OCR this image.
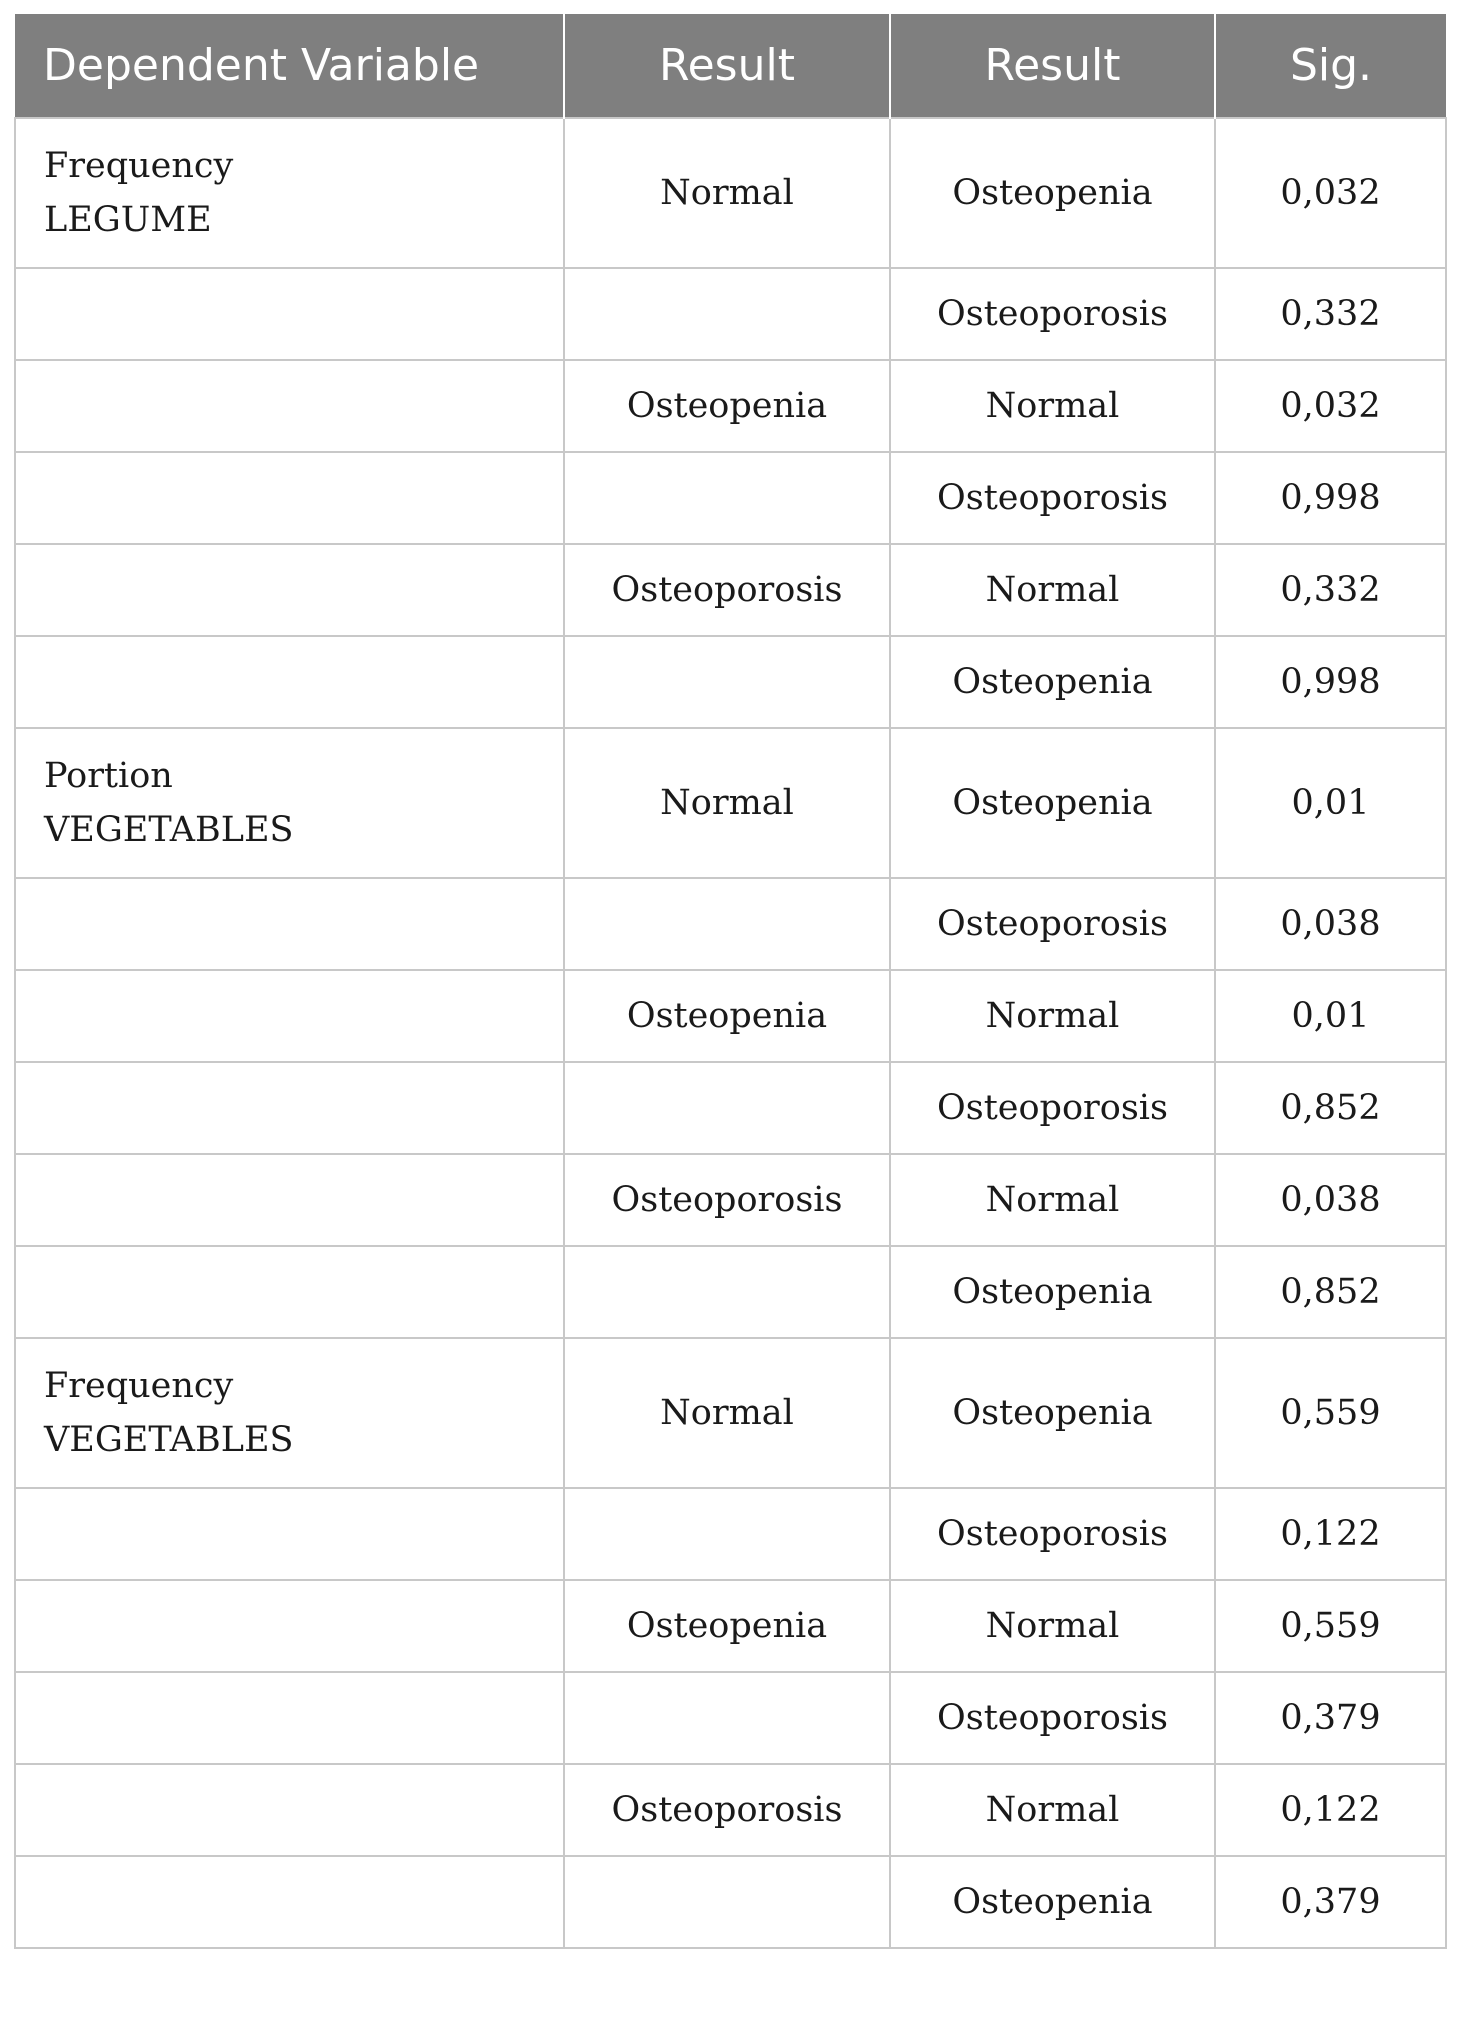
Dependent Variable	Result	Result	Sig.

Frequency
LEGUME	Normal	Osteopenia	0,032

		Osteoporosis	0,332

	Osteopenia	Normal	0,032

		Osteoporosis	0,998

	Osteoporosis	Normal	0,332

		Osteopenia	0,998

Portion
VEGETABLES	Normal	Osteopenia	0,01

		Osteoporosis	0,038

	Osteopenia	Normal	0,01

		Osteoporosis	0,852

	Osteoporosis	Normal	0,038

		Osteopenia	0,852

Frequency
VEGETABLES	Normal	Osteopenia	0,559

		Osteoporosis	0,122

	Osteopenia	Normal	0,559

		Osteoporosis	0,379

	Osteoporosis	Normal	0,122

		Osteopenia	0,379
